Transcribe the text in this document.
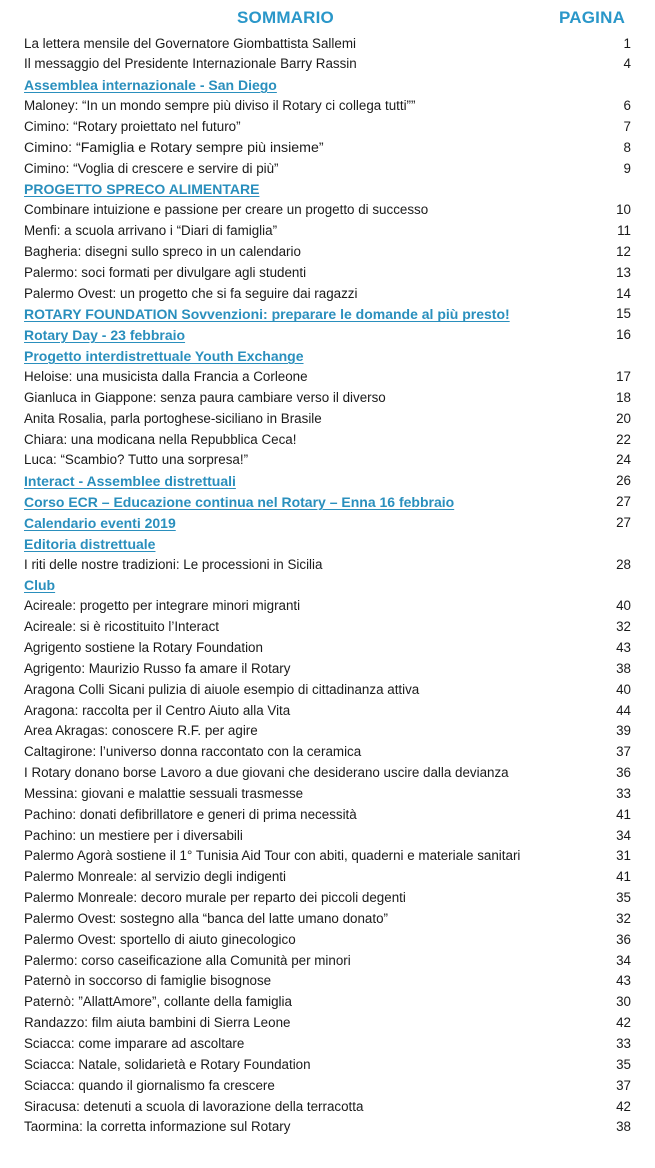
SOMMARIO	PAGINA
La lettera mensile del Governatore Giombattista Sallemi	1
Il messaggio del Presidente Internazionale Barry Rassin	4
Assemblea internazionale - San Diego
Maloney: “In un mondo sempre più diviso il Rotary ci collega tutti””	6
Cimino: “Rotary proiettato nel futuro”	7
Cimino: “Famiglia e Rotary sempre più insieme”	8
Cimino: “Voglia di crescere e servire di più”	9
PROGETTO SPRECO ALIMENTARE
Combinare intuizione e passione per creare un progetto di successo	10
Menfi: a scuola arrivano i “Diari di famiglia”	11
Bagheria: disegni sullo spreco in un calendario	12
Palermo: soci formati per divulgare agli studenti	13
Palermo Ovest: un progetto che si fa seguire dai ragazzi	14
ROTARY FOUNDATION Sovvenzioni: preparare le domande al più presto!	15
Rotary Day - 23 febbraio	16
Progetto interdistrettuale Youth Exchange
Heloise: una musicista dalla Francia a Corleone	17
Gianluca in Giappone: senza paura cambiare verso il diverso	18
Anita Rosalia, parla portoghese-siciliano in Brasile	20
Chiara: una modicana nella Repubblica Ceca!	22
Luca: “Scambio? Tutto una sorpresa!”	24
Interact - Assemblee distrettuali	26
Corso ECR – Educazione continua nel Rotary – Enna 16 febbraio	27
Calendario eventi 2019	27
Editoria distrettuale
I riti delle nostre tradizioni: Le processioni in Sicilia	28
Club
Acireale: progetto per integrare minori migranti	40
Acireale: si è ricostituito l’Interact	32
Agrigento sostiene la Rotary Foundation	43
Agrigento: Maurizio Russo fa amare il Rotary	38
Aragona Colli Sicani pulizia di aiuole esempio di cittadinanza attiva	40
Aragona: raccolta per il Centro Aiuto alla Vita	44
Area Akragas: conoscere R.F. per agire	39
Caltagirone: l’universo donna raccontato con la ceramica	37
I Rotary donano borse Lavoro a due giovani che desiderano uscire dalla devianza	36
Messina: giovani e malattie sessuali trasmesse	33
Pachino: donati defibrillatore e generi di prima necessità	41
Pachino: un mestiere per i diversabili	34
Palermo Agorà sostiene il 1° Tunisia Aid Tour con abiti, quaderni e materiale sanitari	31
Palermo Monreale: al servizio degli indigenti	41
Palermo Monreale: decoro murale per reparto dei piccoli degenti	35
Palermo Ovest: sostegno alla “banca del latte umano donato”	32
Palermo Ovest: sportello di aiuto ginecologico	36
Palermo: corso caseificazione alla Comunità per minori	34
Paternò in soccorso di famiglie bisognose	43
Paternò: ”AllattAmore”, collante della famiglia	30
Randazzo: film aiuta bambini di Sierra Leone	42
Sciacca: come imparare ad ascoltare	33
Sciacca: Natale, solidarietà e Rotary Foundation	35
Sciacca: quando il giornalismo fa crescere	37
Siracusa: detenuti a scuola di lavorazione della terracotta	42
Taormina: la corretta informazione sul Rotary	38
